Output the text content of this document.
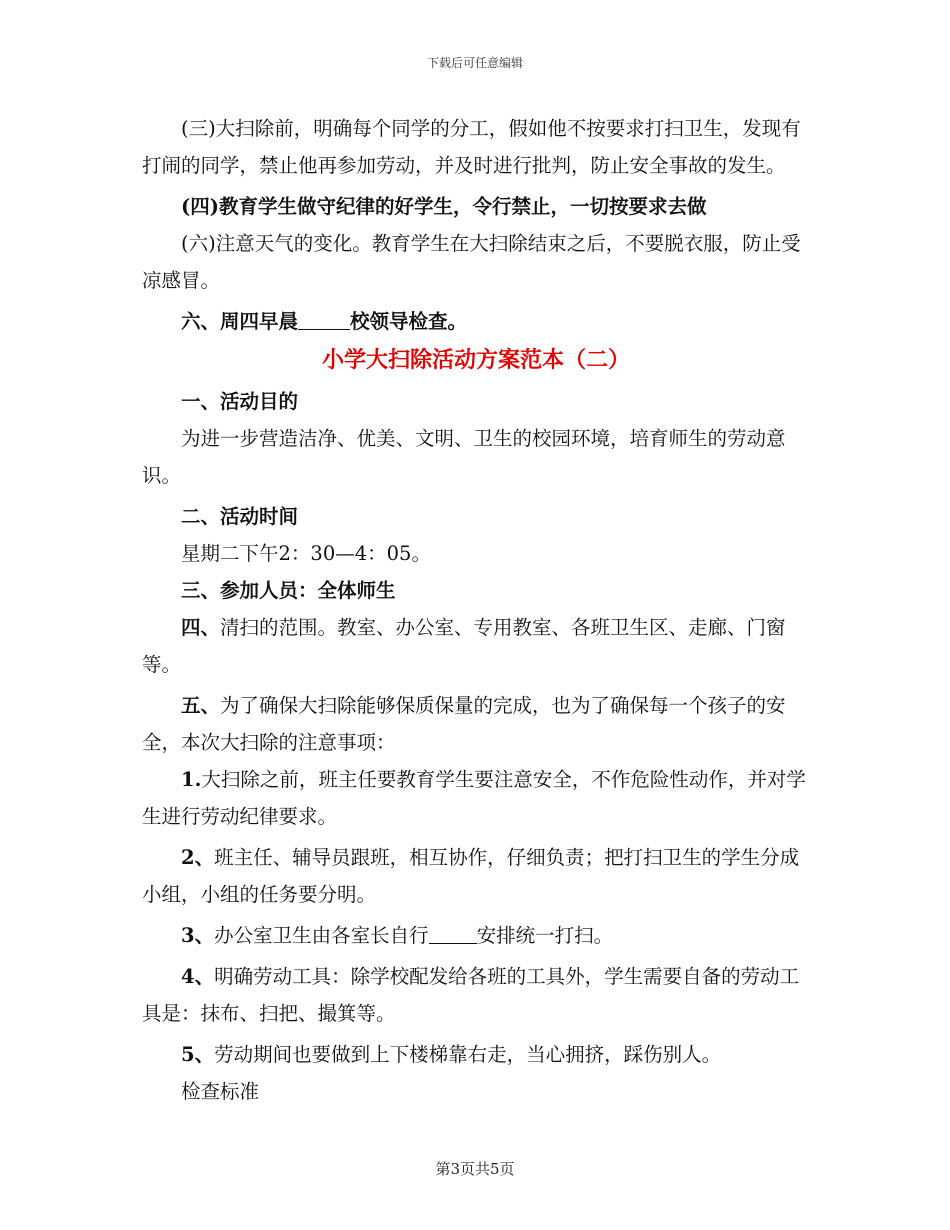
下载后可任意编辑

(三)大扫除前，明确每个同学的分工，假如他不按要求打扫卫生，发现有打闹的同学，禁止他再参加劳动，并及时进行批判，防止安全事故的发生。

(四)教育学生做守纪律的好学生，令行禁止，一切按要求去做

(六)注意天气的变化。教育学生在大扫除结束之后，不要脱衣服，防止受凉感冒。

六、周四早晨	校领导检查。

小学大扫除活动方案范本（二）

一、活动目的

为进一步营造洁净、优美、文明、卫生的校园环境，培育师生的劳动意识。

二、活动时间

星期二下午2：30—4：05。

三、参加人员：全体师生

四、清扫的范围。教室、办公室、专用教室、各班卫生区、走廊、门窗等。

五、为了确保大扫除能够保质保量的完成，也为了确保每一个孩子的安全，本次大扫除的注意事项：

1.大扫除之前，班主任要教育学生要注意安全，不作危险性动作，并对学生进行劳动纪律要求。

2、班主任、辅导员跟班，相互协作，仔细负责；把打扫卫生的学生分成小组，小组的任务要分明。

3、办公室卫生由各室长自行 安排统一打扫。

4、明确劳动工具：除学校配发给各班的工具外，学生需要自备的劳动工具是：抹布、扫把、撮箕等。

5、劳动期间也要做到上下楼梯靠右走，当心拥挤，踩伤别人。

检查标准

第3页共5页
